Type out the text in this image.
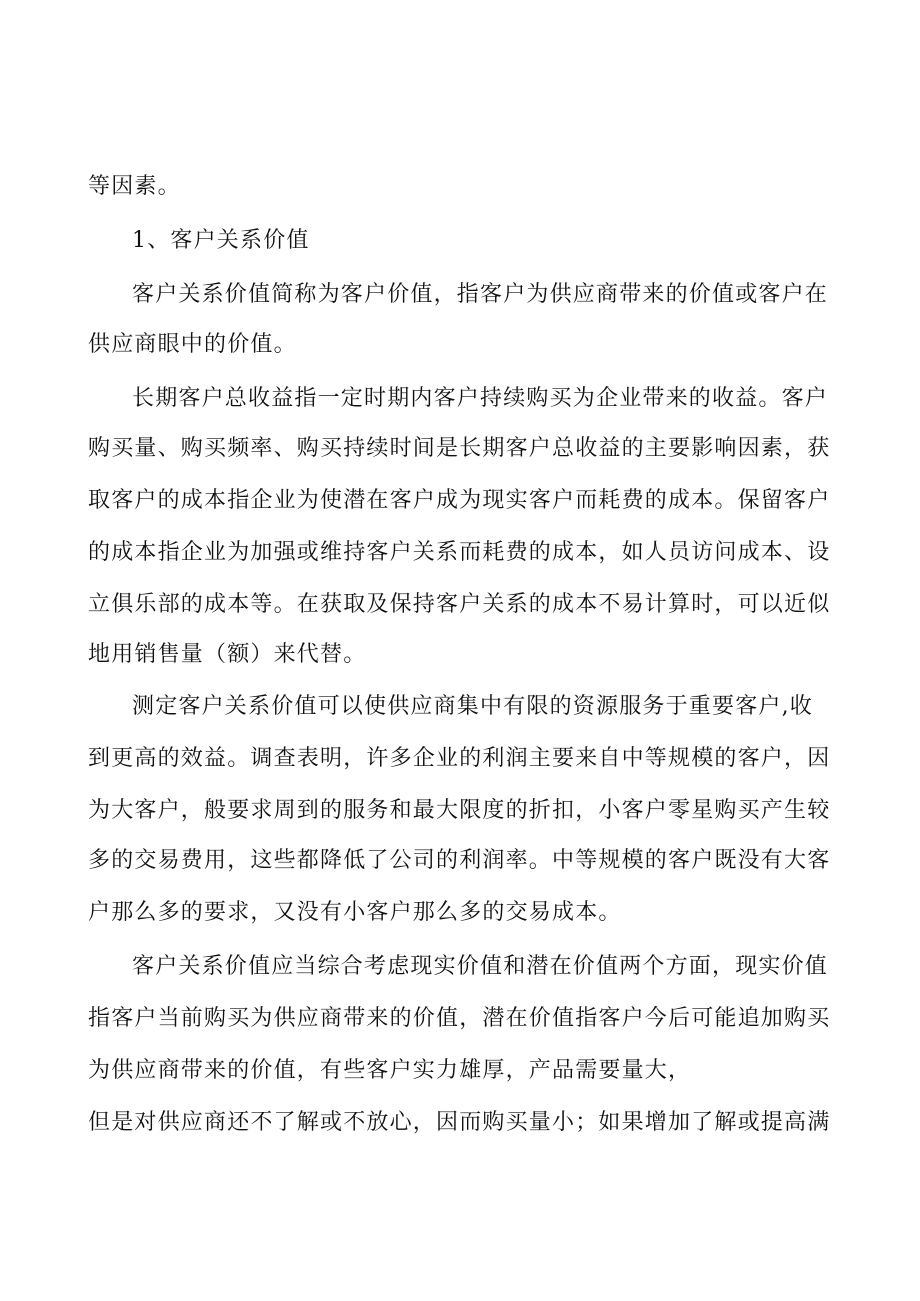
等因素。
1、客户关系价值
客户关系价值简称为客户价值，指客户为供应商带来的价值或客户在
供应商眼中的价值。
长期客户总收益指一定时期内客户持续购买为企业带来的收益。客户
购买量、购买频率、购买持续时间是长期客户总收益的主要影响因素，获
取客户的成本指企业为使潜在客户成为现实客户而耗费的成本。保留客户
的成本指企业为加强或维持客户关系而耗费的成本，如人员访问成本、设
立俱乐部的成本等。在获取及保持客户关系的成本不易计算时，可以近似
地用销售量（额）来代替。
测定客户关系价值可以使供应商集中有限的资源服务于重要客户,收
到更高的效益。调查表明，许多企业的利润主要来自中等规模的客户，因
为大客户，般要求周到的服务和最大限度的折扣，小客户零星购买产生较
多的交易费用，这些都降低了公司的利润率。中等规模的客户既没有大客
户那么多的要求，又没有小客户那么多的交易成本。
客户关系价值应当综合考虑现实价值和潜在价值两个方面，现实价值
指客户当前购买为供应商带来的价值，潜在价值指客户今后可能追加购买
为供应商带来的价值，有些客户实力雄厚，产品需要量大，
但是对供应商还不了解或不放心，因而购买量小；如果增加了解或提高满
